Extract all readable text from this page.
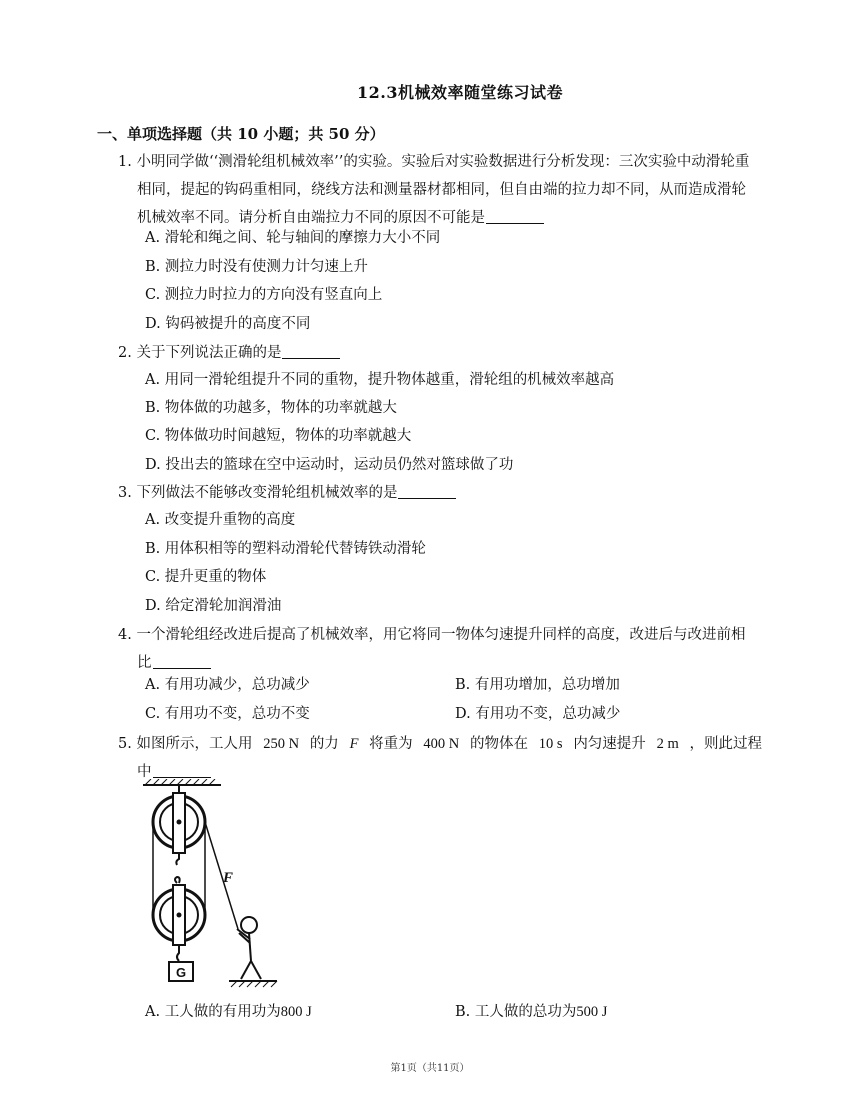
12.3机械效率随堂练习试卷
一、单项选择题（共 10 小题；共 50 分）
1. 小明同学做‘‘测滑轮组机械效率’’的实验。实验后对实验数据进行分析发现：三次实验中动滑轮重
相同，提起的钩码重相同，绕线方法和测量器材都相同，但自由端的拉力却不同，从而造成滑轮
机械效率不同。请分析自由端拉力不同的原因不可能是
A. 滑轮和绳之间、轮与轴间的摩擦力大小不同
B. 测拉力时没有使测力计匀速上升
C. 测拉力时拉力的方向没有竖直向上
D. 钩码被提升的高度不同
2. 关于下列说法正确的是
A. 用同一滑轮组提升不同的重物，提升物体越重，滑轮组的机械效率越高
B. 物体做的功越多，物体的功率就越大
C. 物体做功时间越短，物体的功率就越大
D. 投出去的篮球在空中运动时，运动员仍然对篮球做了功
3. 下列做法不能够改变滑轮组机械效率的是
A. 改变提升重物的高度
B. 用体积相等的塑料动滑轮代替铸铁动滑轮
C. 提升更重的物体
D. 给定滑轮加润滑油
4. 一个滑轮组经改进后提高了机械效率，用它将同一物体匀速提升同样的高度，改进后与改进前相
比
A. 有用功减少，总功减少	B. 有用功增加，总功增加
C. 有用功不变，总功不变	D. 有用功不变，总功减少
5. 如图所示，工人用 250 N 的力 F 将重为 400 N 的物体在 10 s 内匀速提升 2 m ，则此过程
中
G
F
A. 工人做的有用功为800 J	B. 工人做的总功为500 J
第1页（共11页）
